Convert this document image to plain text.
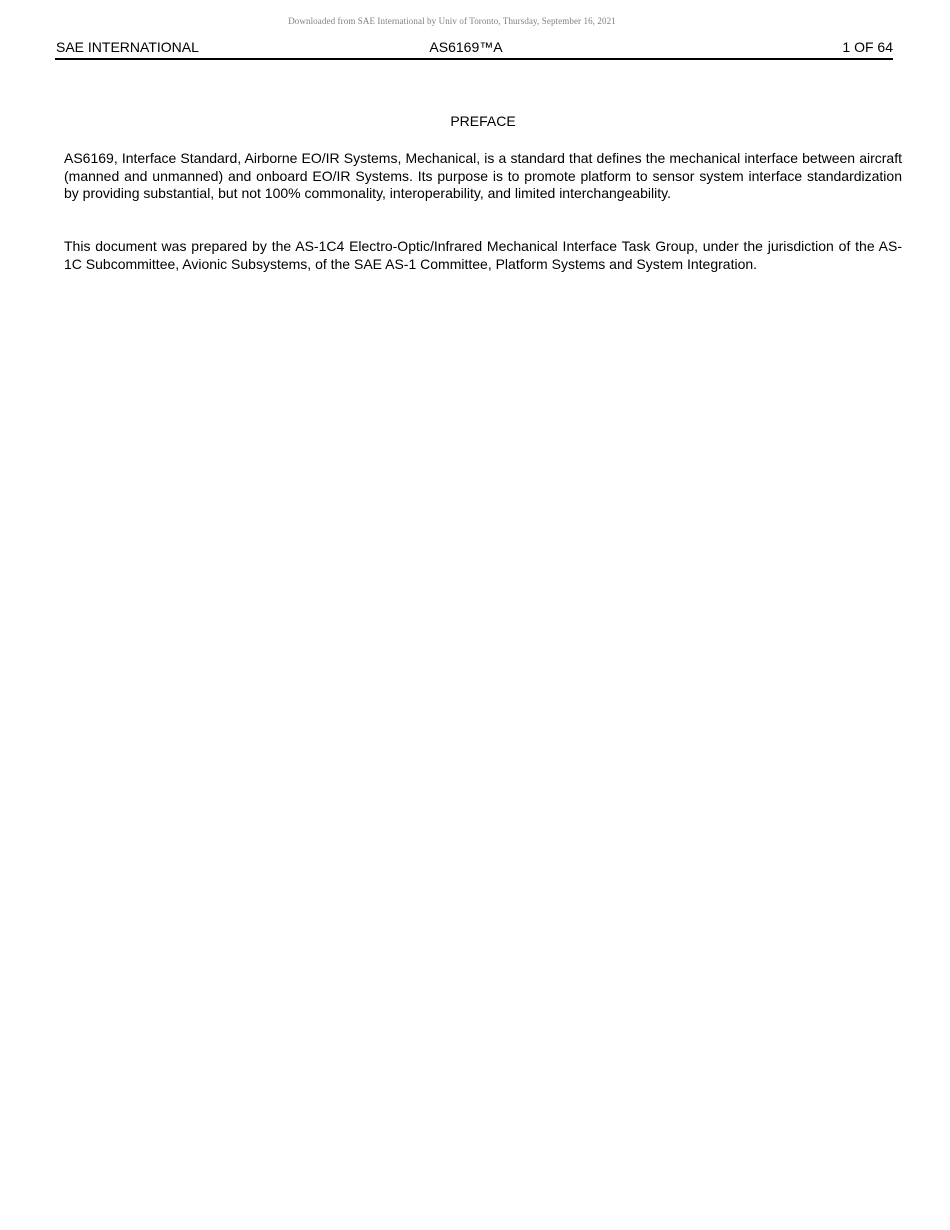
Downloaded from SAE International by Univ of Toronto, Thursday, September 16, 2021
SAE INTERNATIONAL	AS6169™A	1 OF 64
PREFACE

AS6169, Interface Standard, Airborne EO/IR Systems, Mechanical, is a standard that defines the mechanical interface between aircraft (manned and unmanned) and onboard EO/IR Systems. Its purpose is to promote platform to sensor system interface standardization by providing substantial, but not 100% commonality, interoperability, and limited interchangeability.

This document was prepared by the AS-1C4 Electro-Optic/Infrared Mechanical Interface Task Group, under the jurisdiction of the AS-1C Subcommittee, Avionic Subsystems, of the SAE AS-1 Committee, Platform Systems and System Integration.
